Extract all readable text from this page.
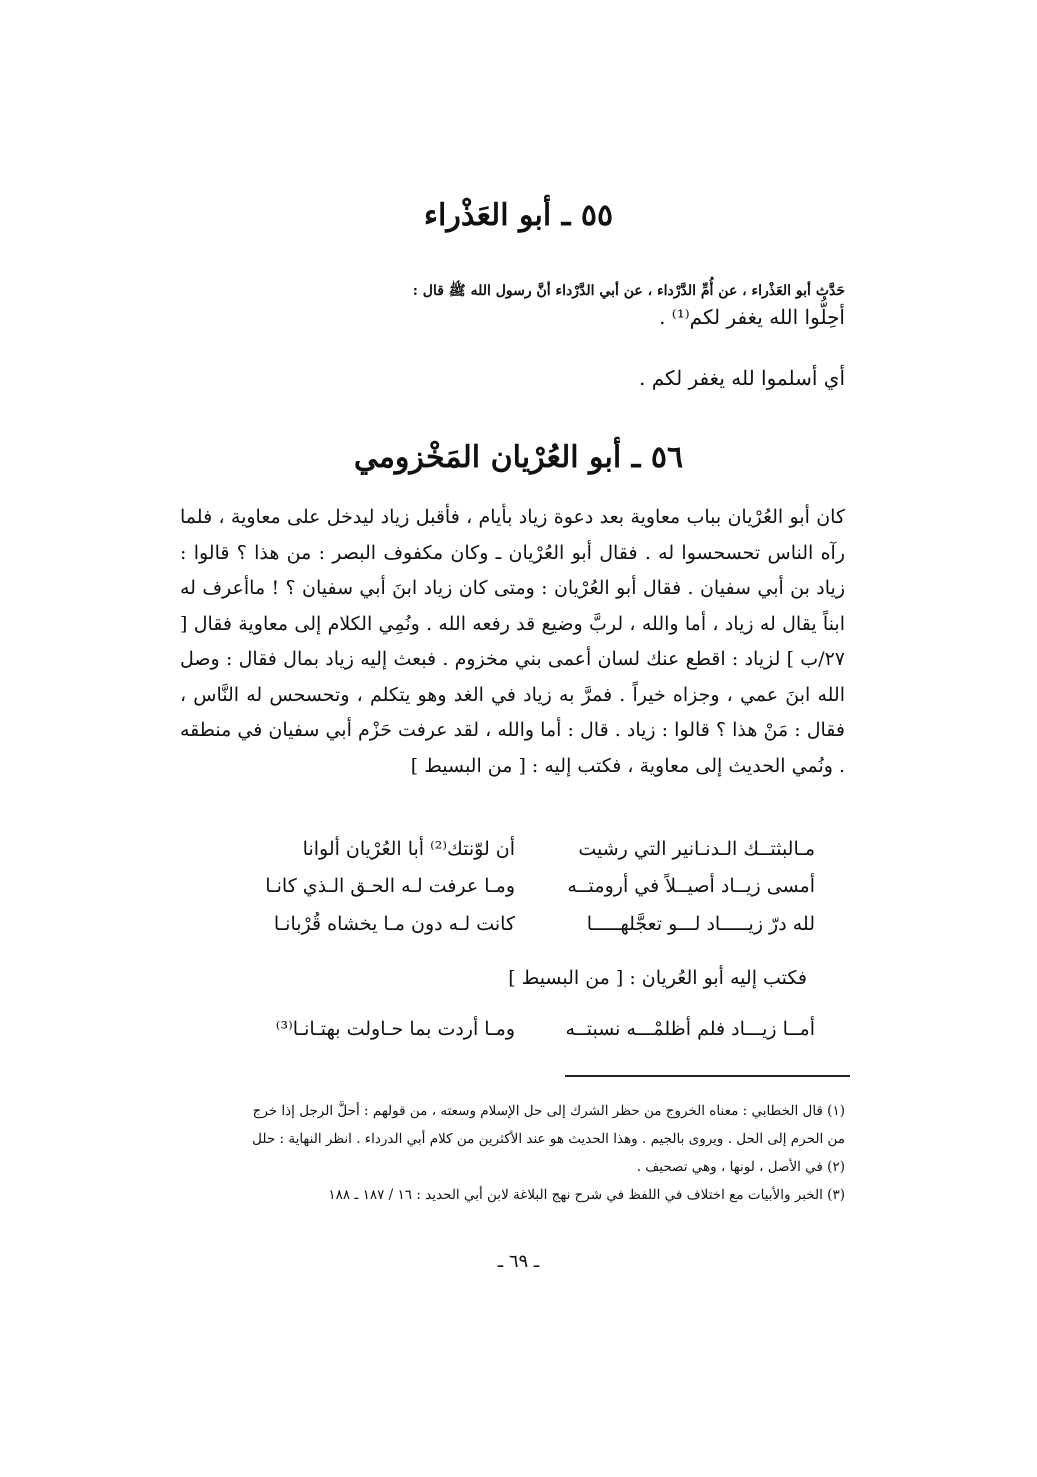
٥٥ ـ أبو العَذْراء
حَدَّث أبو العَذْراء ، عن أُمِّ الدَّرْداء ، عن أبي الدَّرْداء أنَّ رسول الله ﷺ قال :
أحِلُّوا الله يغفر لكم⁽¹⁾ .
أي أسلموا لله يغفر لكم .
٥٦ ـ أبو العُرْيان المَخْزومي

كان أبو العُرْيان بباب معاوية بعد دعوة زياد بأيام ، فأقبل زياد ليدخل على معاوية ، فلما رآه الناس تحسحسوا له . فقال أبو العُرْيان ـ وكان مكفوف البصر : من هذا ؟ قالوا : زياد بن أبي سفيان . فقال أبو العُرْيان : ومتى كان زياد ابنَ أبي سفيان ؟ ! ماأعرف له ابناً يقال له زياد ، أما والله ، لربَّ وضيع قد رفعه الله . ونُمِي الكلام إلى معاوية فقال [ ٢٧/ب ] لزياد : اقطع عنك لسان أعمى بني مخزوم . فبعث إليه زياد بمال فقال : وصل الله ابنَ عمي ، وجزاه خيراً . فمرَّ به زياد في الغد وهو يتكلم ، وتحسحس له النَّاس ، فقال : مَنْ هذا ؟ قالوا : زياد . قال : أما والله ، لقد عرفت حَزْم أبي سفيان في منطقه . ونُمي الحديث إلى معاوية ، فكتب إليه : [ من البسيط ]

مـالبثتــك الـدنـانير التي رشيت
أن لوّنتك⁽²⁾ أبا العُرْيان ألوانا
أمسى زيــاد أصيــلاً في أرومتــه
ومـا عرفت لـه الحـق الـذي كانـا
لله درّ زيـــــاد لـــو تعجَّلهـــــا
كانت لـه دون مـا يخشاه قُرْبانـا
فكتب إليه أبو العُريان : [ من البسيط ]
أمــا زيـــاد فلم أظلمْـــه نسبتــه
ومـا أردت بما حـاولت بهتـانـا⁽³⁾
(١) قال الخطابي : معناه الخروج من حظر الشرك إلى حل الإسلام وسعته ، من قولهم : أحلَّ الرجل إذا خرج
من الحرم إلى الحل . ويروى بالجيم . وهذا الحديث هو عند الأكثرين من كلام أبي الدرداء . انظر النهاية : حلل
(٢) في الأصل ، لونها ، وهي تصحيف .
(٣) الخبر والأبيات مع اختلاف في اللفظ في شرح نهج البلاغة لابن أبي الحديد : ١٦ / ١٨٧ ـ ١٨٨
ـ ٦٩ ـ
